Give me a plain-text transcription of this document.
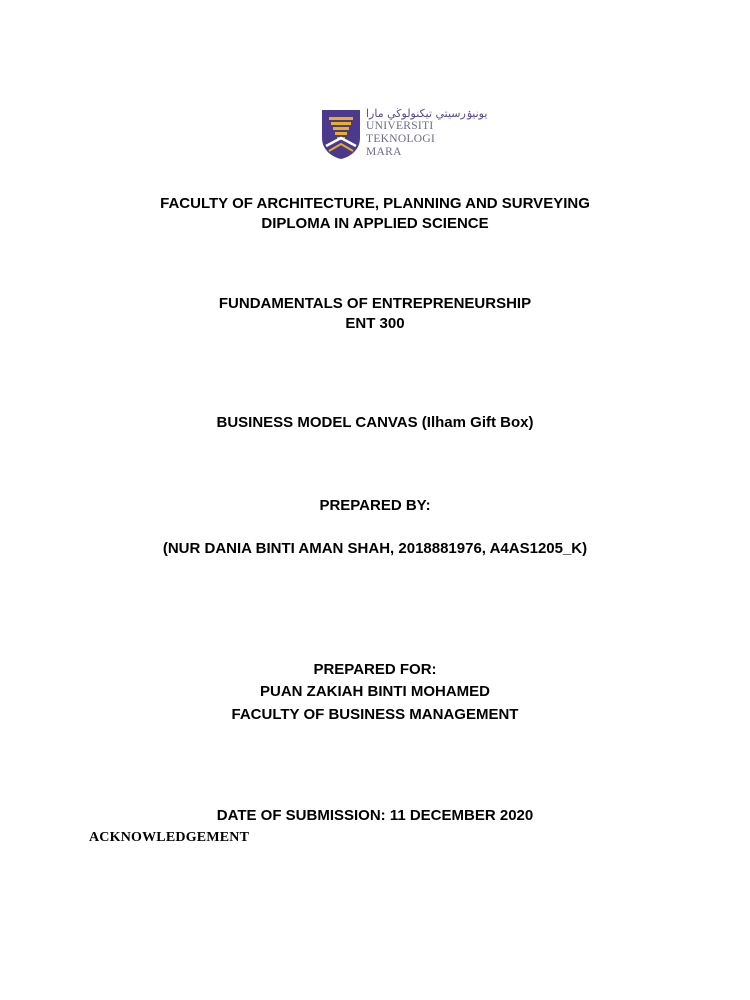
يونيۏرسيتي تيكنولوڬي مارا
UNIVERSITI
TEKNOLOGI
MARA
FACULTY OF ARCHITECTURE, PLANNING AND SURVEYING
DIPLOMA IN APPLIED SCIENCE
FUNDAMENTALS OF ENTREPRENEURSHIP
ENT 300
BUSINESS MODEL CANVAS (Ilham Gift Box)
PREPARED BY:
(NUR DANIA BINTI AMAN SHAH, 2018881976, A4AS1205_K)
PREPARED FOR:
PUAN ZAKIAH BINTI MOHAMED
FACULTY OF BUSINESS MANAGEMENT
DATE OF SUBMISSION: 11 DECEMBER 2020
ACKNOWLEDGEMENT
